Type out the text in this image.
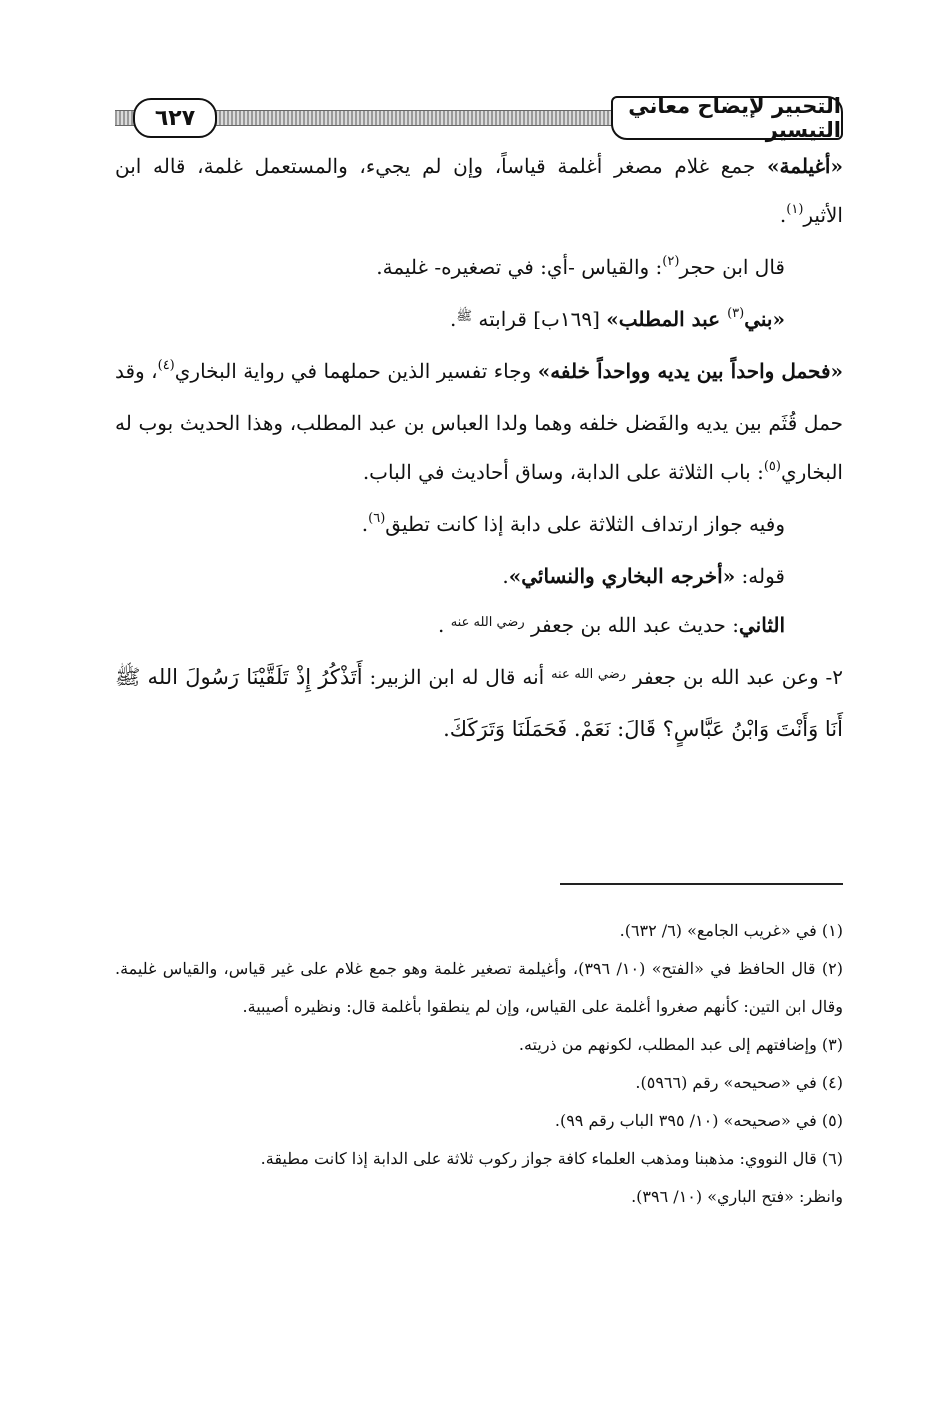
٦٢٧	التحبير لإيضاح معاني التيسير

«أغيلمة» جمع غلام مصغر أغلمة قياساً، وإن لم يجيء، والمستعمل غلمة، قاله ابن الأثير$^{(١)}$.

قال ابن حجر$^{(٢)}$: والقياس -أي: في تصغيره- غليمة.

«بني$^{(٣)}$ عبد المطلب» [١٦٩ب] قرابته $^ﷺ$.

«فحمل واحداً بين يديه وواحداً خلفه» وجاء تفسير الذين حملهما في رواية البخاري$^{(٤)}$، وقد حمل قُثَم بين يديه والفَضل خلفه وهما ولدا العباس بن عبد المطلب، وهذا الحديث بوب له البخاري$^{(٥)}$: باب الثلاثة على الدابة، وساق أحاديث في الباب.

وفيه جواز ارتداف الثلاثة على دابة إذا كانت تطيق$^{(٦)}$.

قوله: «أخرجه البخاري والنسائي».

الثاني: حديث عبد الله بن جعفر $^{رضي الله عنه}$ .

٢- وعن عبد الله بن جعفر $^{رضي الله عنه}$ أنه قال له ابن الزبير: أَتَذْكُرُ إِذْ تَلَقَّيْنَا رَسُولَ الله ﷺ أَنَا وَأَنْتَ وَابْنُ عَبَّاسٍ؟ قَالَ: نَعَمْ. فَحَمَلَنَا وَتَرَكَكَ.

(١) في «غريب الجامع» (٦/ ٦٣٢).

(٢) قال الحافظ في «الفتح» (١٠/ ٣٩٦)، وأغيلمة تصغير غلمة وهو جمع غلام على غير قياس، والقياس غليمة. وقال ابن التين: كأنهم صغروا أغلمة على القياس، وإن لم ينطقوا بأغلمة قال: ونظيره أصيبية.

(٣) وإضافتهم إلى عبد المطلب، لكونهم من ذريته.

(٤) في «صحيحه» رقم (٥٩٦٦).

(٥) في «صحيحه» (١٠/ ٣٩٥ الباب رقم ٩٩).

(٦) قال النووي: مذهبنا ومذهب العلماء كافة جواز ركوب ثلاثة على الدابة إذا كانت مطيقة.

وانظر: «فتح الباري» (١٠/ ٣٩٦).
